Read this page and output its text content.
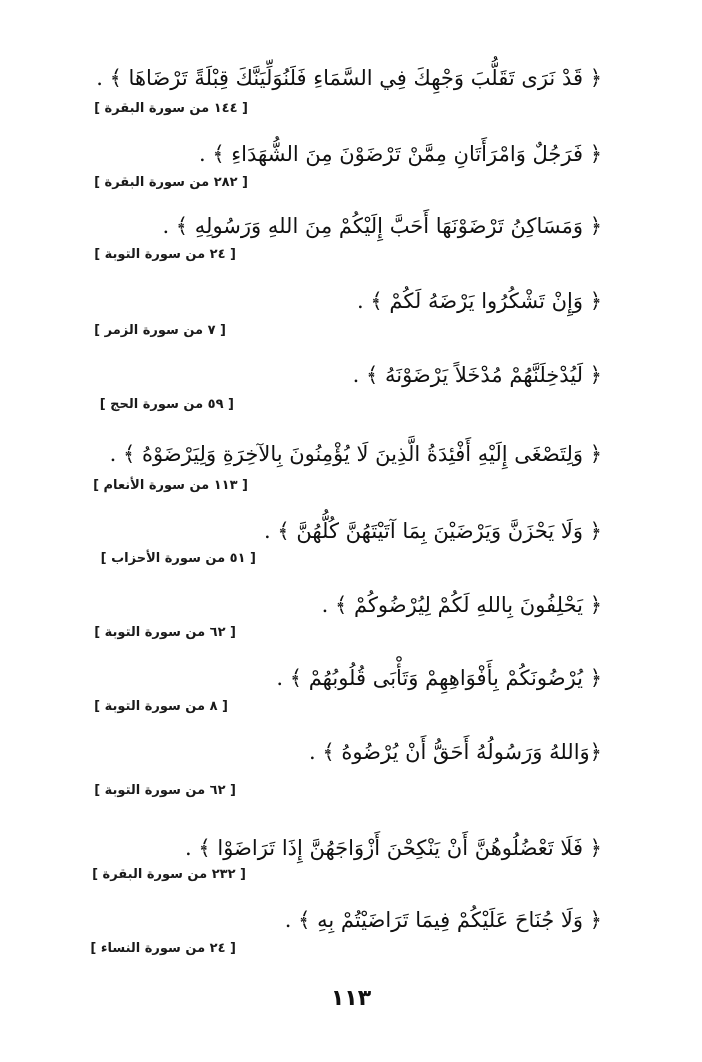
﴿ قَدْ نَرَى تَقَلُّبَ وَجْهِكَ فِي السَّمَاءِ فَلَنُوَلِّيَنَّكَ قِبْلَةً تَرْضَاهَا ﴾ .
[ ١٤٤ من سورة البقرة ]
﴿ فَرَجُلٌ وَامْرَأَتَانِ مِمَّنْ تَرْضَوْنَ مِنَ الشُّهَدَاءِ ﴾ .
[ ٢٨٢ من سورة البقرة ]
﴿ وَمَسَاكِنُ تَرْضَوْنَهَا أَحَبَّ إِلَيْكُمْ مِنَ اللهِ وَرَسُولِهِ ﴾ .
[ ٢٤ من سورة التوبة ]
﴿ وَإِنْ تَشْكُرُوا يَرْضَهُ لَكُمْ ﴾ .
[ ٧ من سورة الزمر ]
﴿ لَيُدْخِلَنَّهُمْ مُدْخَلاً يَرْضَوْنَهُ ﴾ .
[ ٥٩ من سورة الحج ]
﴿ وَلِتَصْغَى إِلَيْهِ أَفْئِدَةُ الَّذِينَ لَا يُؤْمِنُونَ بِالآخِرَةِ وَلِيَرْضَوْهُ ﴾ .
[ ١١٣ من سورة الأنعام ]
﴿ وَلَا يَحْزَنَّ وَيَرْضَيْنَ بِمَا آتَيْتَهُنَّ كُلُّهُنَّ ﴾ .
[ ٥١ من سورة الأحزاب ]
﴿ يَحْلِفُونَ بِاللهِ لَكُمْ لِيُرْضُوكُمْ ﴾ .
[ ٦٢ من سورة التوبة ]
﴿ يُرْضُونَكُمْ بِأَفْوَاهِهِمْ وَتَأْبَى قُلُوبُهُمْ ﴾ .
[ ٨ من سورة التوبة ]
﴿وَاللهُ وَرَسُولُهُ أَحَقُّ أَنْ يُرْضُوهُ ﴾ .
[ ٦٢ من سورة التوبة ]
﴿ فَلَا تَعْضُلُوهُنَّ أَنْ يَنْكِحْنَ أَزْوَاجَهُنَّ إِذَا تَرَاضَوْا ﴾ .
[ ٢٣٢ من سورة البقرة ]
﴿ وَلَا جُنَاحَ عَلَيْكُمْ فِيمَا تَرَاضَيْتُمْ بِهِ ﴾ .
[ ٢٤ من سورة النساء ]
١١٣
